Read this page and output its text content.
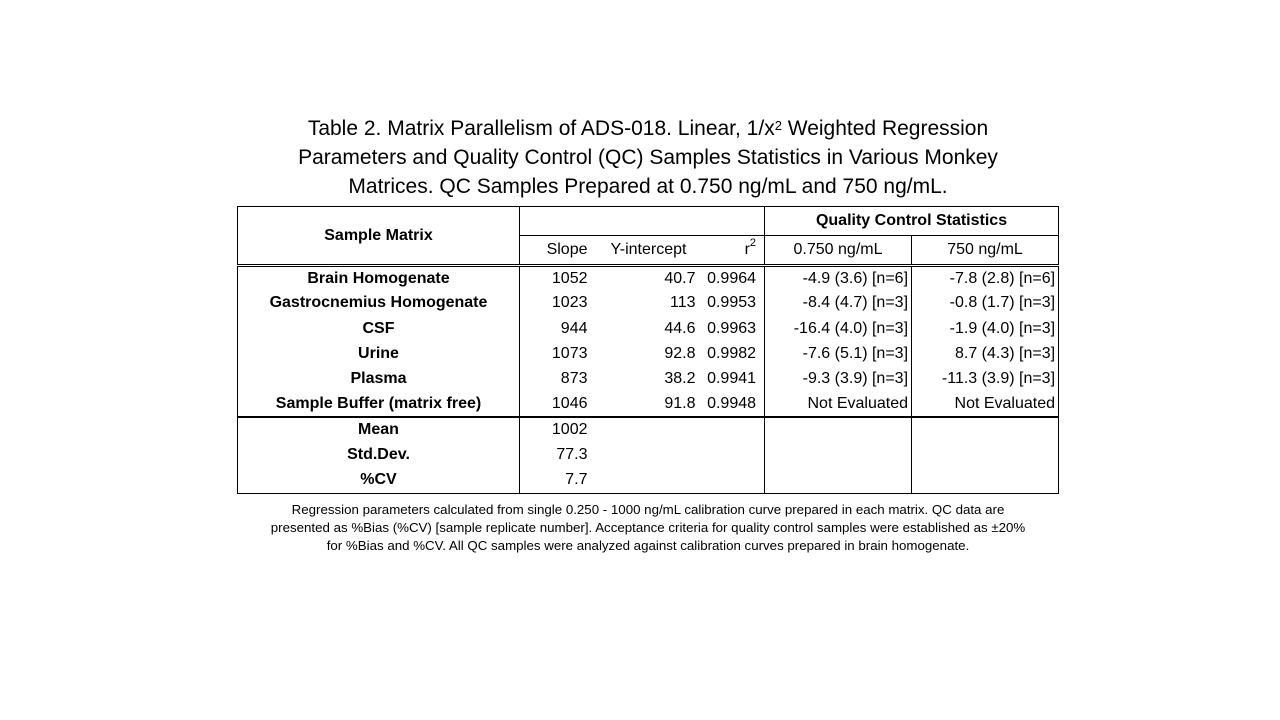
Table 2. Matrix Parallelism of ADS-018. Linear, $1/x^2$ Weighted Regression
Parameters and Quality Control (QC) Samples Statistics in Various Monkey
Matrices. QC Samples Prepared at 0.750 ng/mL and 750 ng/mL.
Sample Matrix				Quality Control Statistics	
	Slope	Y-intercept	$r^2$	0.750 ng/mL	750 ng/mL
Brain Homogenate	1052	40.7	0.9964	-4.9 (3.6) [n=6]	-7.8 (2.8) [n=6]
Gastrocnemius Homogenate	1023	113	0.9953	-8.4 (4.7) [n=3]	-0.8 (1.7) [n=3]
CSF	944	44.6	0.9963	-16.4 (4.0) [n=3]	-1.9 (4.0) [n=3]
Urine	1073	92.8	0.9982	-7.6 (5.1) [n=3]	8.7 (4.3) [n=3]
Plasma	873	38.2	0.9941	-9.3 (3.9) [n=3]	-11.3 (3.9) [n=3]
Sample Buffer (matrix free)	1046	91.8	0.9948	Not Evaluated	Not Evaluated
Mean	1002				
Std.Dev.	77.3				
%CV	7.7				
Regression parameters calculated from single 0.250 - 1000 ng/mL calibration curve prepared in each matrix. QC data are
presented as %Bias (%CV) [sample replicate number]. Acceptance criteria for quality control samples were established as ±20%
for %Bias and %CV. All QC samples were analyzed against calibration curves prepared in brain homogenate.
